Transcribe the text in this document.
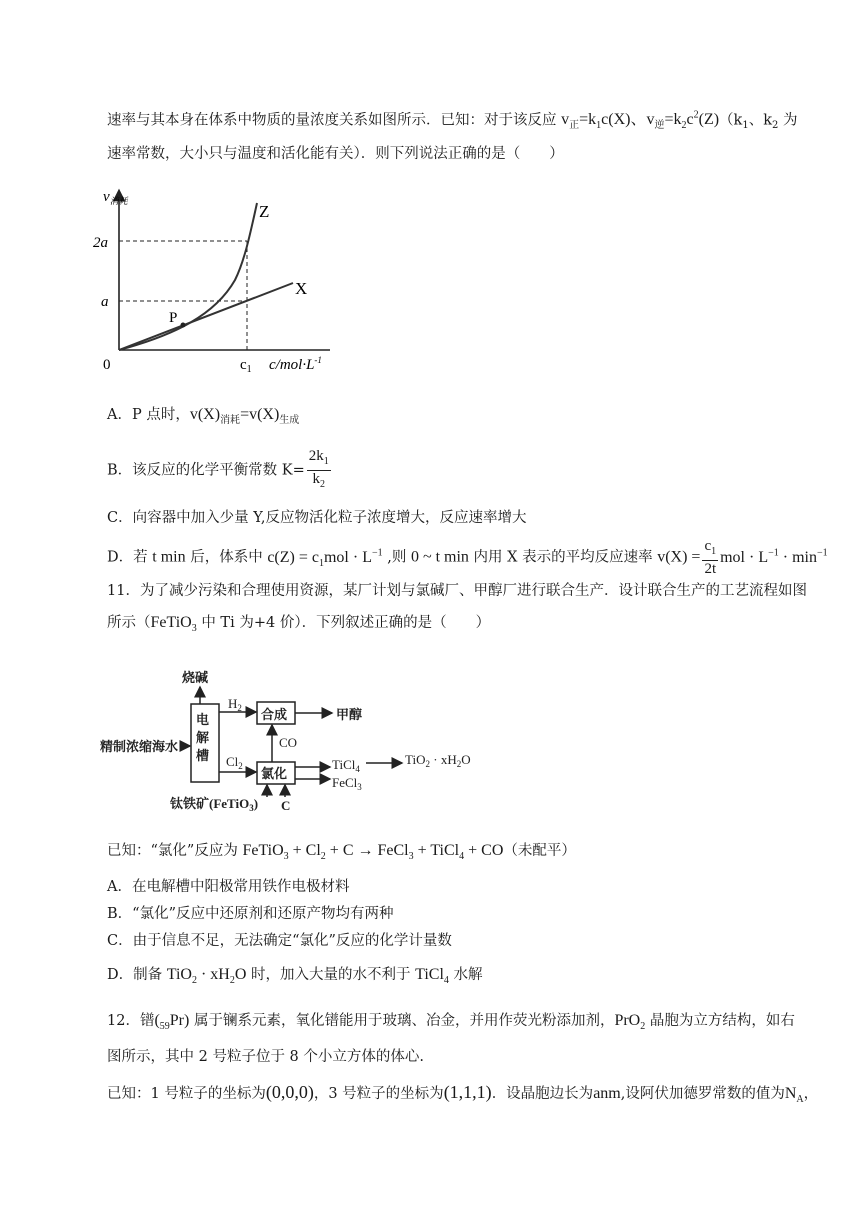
速率与其本身在体系中物质的量浓度关系如图所示．已知：对于该反应 $v_正=k_1c(X)$、$v_逆=k_2c^2(Z)(k_1$、$k_2$ 为
速率常数，大小只与温度和活化能有关）．则下列说法正确的是（　　）
$v_{消耗}$
2a
a
0
Z
X
P
$c_1$ $c/mol\cdot L^{-1}$
A．P 点时，$v(X)_{消耗}=v(X)_{生成}$
B．该反应的化学平衡常数 $K= \frac{2k_1}{k_2}$
C．向容器中加入少量 Y,反应物活化粒子浓度增大，反应速率增大
D．若 t min 后，体系中 $c(Z) = c_1mol \cdot L^{-1}$ ,则 0 ~ t min 内用 X 表示的平均反应速率 $v(X) = \frac{c_1}{2t}$ mol · $L^{-1} \cdot \min^{-1}$
11．为了减少污染和合理使用资源，某厂计划与氯碱厂、甲醇厂进行联合生产．设计联合生产的工艺流程如图
所示（FeTiO$_3$ 中 Ti 为+4 价）．下列叙述正确的是（　　）
烧碱
精制浓缩海水
电
解
槽
合成	甲醇
氯化
钛铁矿(FeTiO$_3$) C
$H_2$
$Cl_2$
CO
TiCl$_4$
FeCl$_3$
$TiO_2 \cdot xH_2O$
已知：“氯化”反应为 FeTiO$_3$ + $Cl_2 + C$ → FeCl$_3$ + TiCl$_4$ + CO（未配平）
A．在电解槽中阳极常用铁作电极材料
B．“氯化”反应中还原剂和还原产物均有两种
C．由于信息不足，无法确定“氯化”反应的化学计量数
D．制备 $TiO_2 \cdot xH_2O$ 时，加入大量的水不利于 TiCl$_4$ 水解
12．镨$(_{59}Pr)$ 属于镧系元素，氧化镨能用于玻璃、冶金，并用作荧光粉添加剂，PrO$_2$ 晶胞为立方结构，如右
图所示，其中 2 号粒子位于 8 个小立方体的体心.
已知：1 号粒子的坐标为(0,0,0)，3 号粒子的坐标为(1,1,1)．设晶胞边长为anm,设阿伏加德罗常数的值为$N_A$，
